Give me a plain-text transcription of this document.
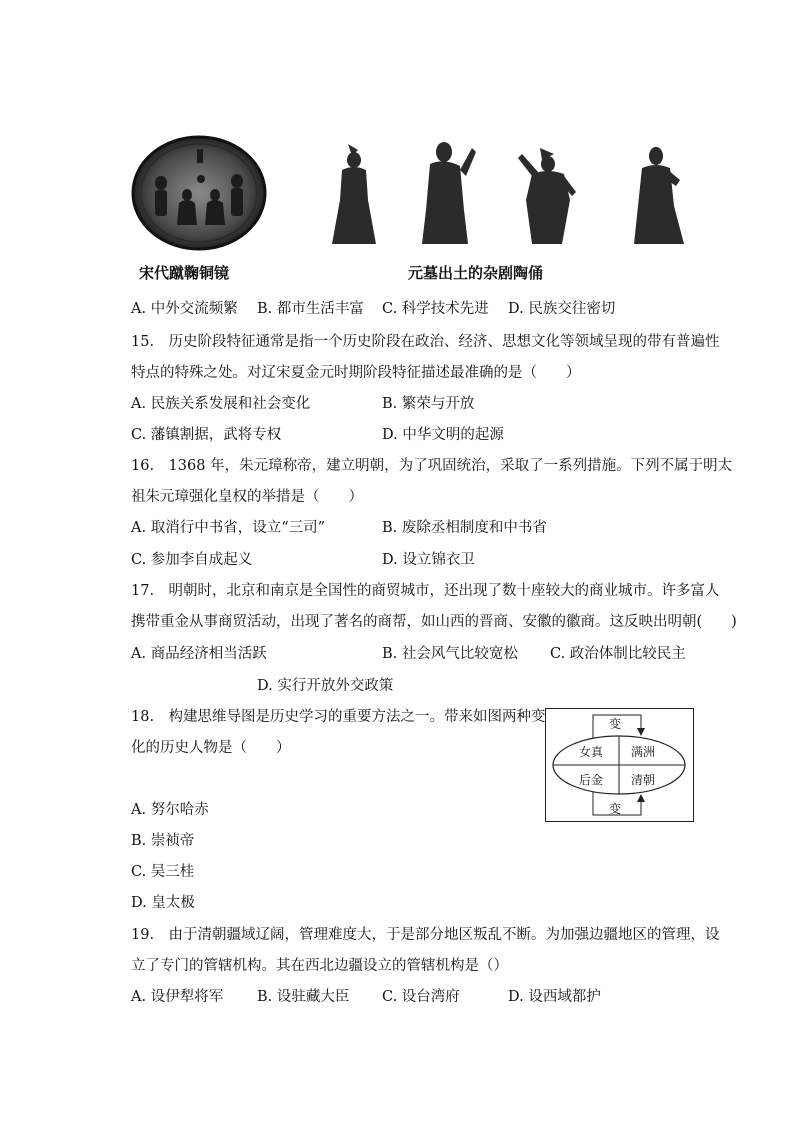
宋代蹴鞠铜镜	元墓出土的杂剧陶俑
A. 中外交流频繁 B. 都市生活丰富 C. 科学技术先进 D. 民族交往密切
15.　历史阶段特征通常是指一个历史阶段在政治、经济、思想文化等领域呈现的带有普遍性
特点的特殊之处。对辽宋夏金元时期阶段特征描述最准确的是（　　）
A. 民族关系发展和社会变化	B. 繁荣与开放
C. 藩镇割据，武将专权	D. 中华文明的起源
16.　1368 年，朱元璋称帝，建立明朝，为了巩固统治，采取了一系列措施。下列不属于明太
祖朱元璋强化皇权的举措是（　　）
A. 取消行中书省，设立“三司”	B. 废除丞相制度和中书省
C. 参加李自成起义	D. 设立锦衣卫
17.　明朝时，北京和南京是全国性的商贸城市，还出现了数十座较大的商业城市。许多富人
携带重金从事商贸活动，出现了著名的商帮，如山西的晋商、安徽的徽商。这反映出明朝(　　)
A. 商品经济相当活跃	B. 社会风气比较宽松 C. 政治体制比较民主
D. 实行开放外交政策
18.　构建思维导图是历史学习的重要方法之一。带来如图两种变
化的历史人物是（　　）
A. 努尔哈赤
B. 崇祯帝
C. 吴三桂
D. 皇太极
变
变
女真 满洲
后金 清朝
19.　由于清朝疆域辽阔，管理难度大，于是部分地区叛乱不断。为加强边疆地区的管理，设
立了专门的管辖机构。其在西北边疆设立的管辖机构是（）
A. 设伊犁将军 B. 设驻藏大臣 C. 设台湾府	D. 设西域都护
